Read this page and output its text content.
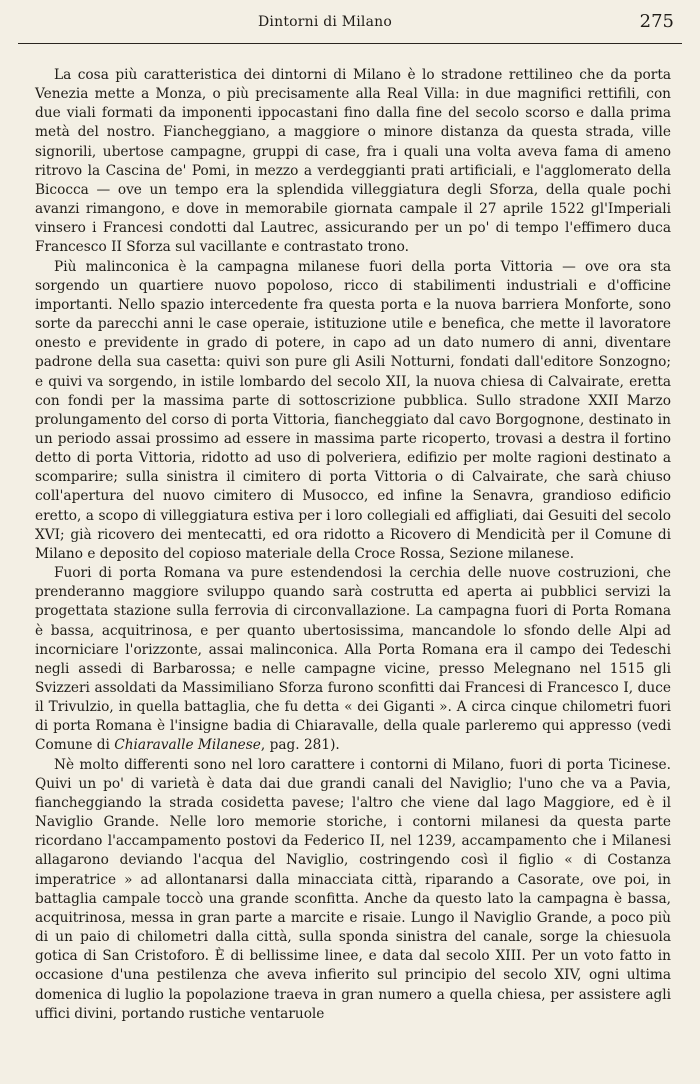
Dintorni di Milano	275

La cosa più caratteristica dei dintorni di Milano è lo stradone rettilineo che da porta Venezia mette a Monza, o più precisamente alla Real Villa: in due magnifici rettifili, con due viali formati da imponenti ippocastani fino dalla fine del secolo scorso e dalla prima metà del nostro. Fiancheggiano, a maggiore o minore distanza da questa strada, ville signorili, ubertose campagne, gruppi di case, fra i quali una volta aveva fama di ameno ritrovo la Cascina de' Pomi, in mezzo a verdeggianti prati artificiali, e l'agglomerato della Bicocca — ove un tempo era la splendida villeggiatura degli Sforza, della quale pochi avanzi rimangono, e dove in memorabile giornata campale il 27 aprile 1522 gl'Imperiali vinsero i Francesi condotti dal Lautrec, assicurando per un po' di tempo l'effimero duca Francesco II Sforza sul vacillante e contrastato trono.

Più malinconica è la campagna milanese fuori della porta Vittoria — ove ora sta sorgendo un quartiere nuovo popoloso, ricco di stabilimenti industriali e d'officine importanti. Nello spazio intercedente fra questa porta e la nuova barriera Monforte, sono sorte da parecchi anni le case operaie, istituzione utile e benefica, che mette il lavoratore onesto e previdente in grado di potere, in capo ad un dato numero di anni, diventare padrone della sua casetta: quivi son pure gli Asili Notturni, fondati dall'editore Sonzogno; e quivi va sorgendo, in istile lombardo del secolo XII, la nuova chiesa di Calvairate, eretta con fondi per la massima parte di sottoscrizione pubblica. Sullo stradone XXII Marzo prolungamento del corso di porta Vittoria, fiancheggiato dal cavo Borgognone, destinato in un periodo assai prossimo ad essere in massima parte ricoperto, trovasi a destra il fortino detto di porta Vittoria, ridotto ad uso di polveriera, edifizio per molte ragioni destinato a scomparire; sulla sinistra il cimitero di porta Vittoria o di Calvairate, che sarà chiuso coll'apertura del nuovo cimitero di Musocco, ed infine la Senavra, grandioso edificio eretto, a scopo di villeggiatura estiva per i loro collegiali ed affigliati, dai Gesuiti del secolo XVI; già ricovero dei mentecatti, ed ora ridotto a Ricovero di Mendicità per il Comune di Milano e deposito del copioso materiale della Croce Rossa, Sezione milanese.

Fuori di porta Romana va pure estendendosi la cerchia delle nuove costruzioni, che prenderanno maggiore sviluppo quando sarà costrutta ed aperta ai pubblici servizi la progettata stazione sulla ferrovia di circonvallazione. La campagna fuori di Porta Romana è bassa, acquitrinosa, e per quanto ubertosissima, mancandole lo sfondo delle Alpi ad incorniciare l'orizzonte, assai malinconica. Alla Porta Romana era il campo dei Tedeschi negli assedi di Barbarossa; e nelle campagne vicine, presso Melegnano nel 1515 gli Svizzeri assoldati da Massimiliano Sforza furono sconfitti dai Francesi di Francesco I, duce il Trivulzio, in quella battaglia, che fu detta « dei Giganti ». A circa cinque chilometri fuori di porta Romana è l'insigne badia di Chiaravalle, della quale parleremo qui appresso (vedi Comune di Chiaravalle Milanese, pag. 281).

Nè molto differenti sono nel loro carattere i contorni di Milano, fuori di porta Ticinese. Quivi un po' di varietà è data dai due grandi canali del Naviglio; l'uno che va a Pavia, fiancheggiando la strada cosidetta pavese; l'altro che viene dal lago Maggiore, ed è il Naviglio Grande. Nelle loro memorie storiche, i contorni milanesi da questa parte ricordano l'accampamento postovi da Federico II, nel 1239, accampamento che i Milanesi allagarono deviando l'acqua del Naviglio, costringendo così il figlio « di Costanza imperatrice » ad allontanarsi dalla minacciata città, riparando a Casorate, ove poi, in battaglia campale toccò una grande sconfitta. Anche da questo lato la campagna è bassa, acquitrinosa, messa in gran parte a marcite e risaie. Lungo il Naviglio Grande, a poco più di un paio di chilometri dalla città, sulla sponda sinistra del canale, sorge la chiesuola gotica di San Cristoforo. È di bellissime linee, e data dal secolo XIII. Per un voto fatto in occasione d'una pestilenza che aveva infierito sul principio del secolo XIV, ogni ultima domenica di luglio la popolazione traeva in gran numero a quella chiesa, per assistere agli uffici divini, portando rustiche ventaruole
